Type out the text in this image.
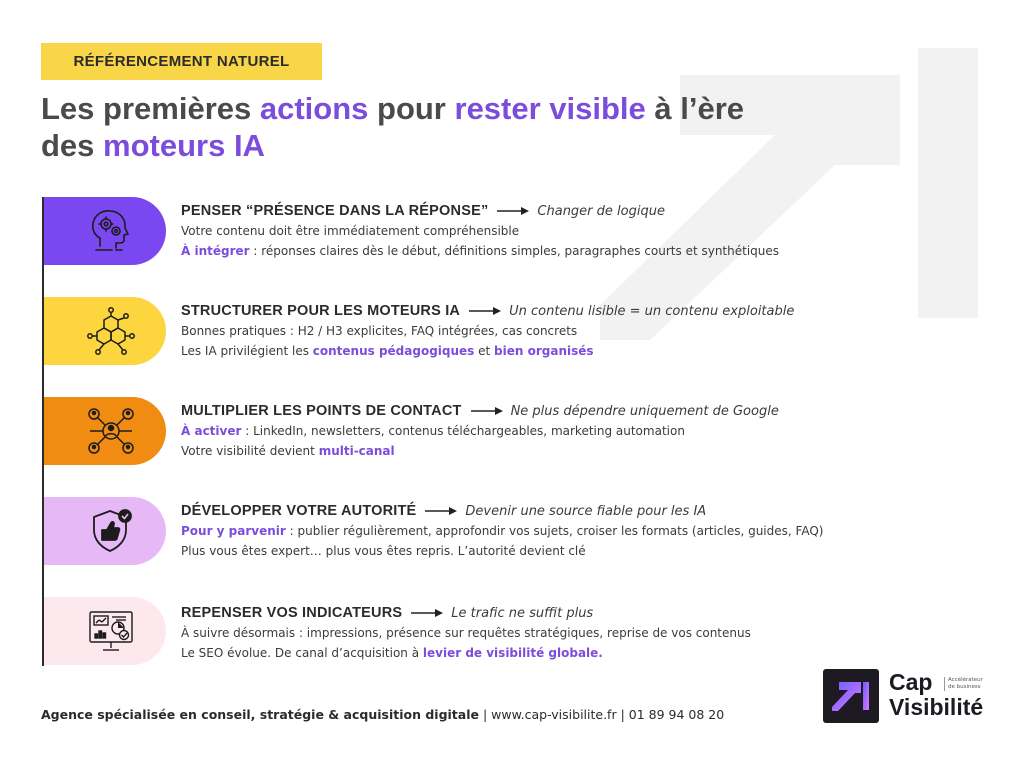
RÉFÉRENCEMENT NATUREL
Les premières actions pour rester visible à l’ère
des moteurs IA
PENSER “PRÉSENCE DANS LA RÉPONSE”	Changer de logique
Votre contenu doit être immédiatement compréhensible
À intégrer : réponses claires dès le début, définitions simples, paragraphes courts et synthétiques
STRUCTURER POUR LES MOTEURS IA	Un contenu lisible = un contenu exploitable
Bonnes pratiques : H2 / H3 explicites, FAQ intégrées, cas concrets
Les IA privilégient les contenus pédagogiques et bien organisés
MULTIPLIER LES POINTS DE CONTACT	Ne plus dépendre uniquement de Google
À activer : LinkedIn, newsletters, contenus téléchargeables, marketing automation
Votre visibilité devient multi-canal
DÉVELOPPER VOTRE AUTORITÉ	Devenir une source fiable pour les IA
Pour y parvenir : publier régulièrement, approfondir vos sujets, croiser les formats (articles, guides, FAQ)
Plus vous êtes expert… plus vous êtes repris. L’autorité devient clé
REPENSER VOS INDICATEURS	Le trafic ne suffit plus
À suivre désormais : impressions, présence sur requêtes stratégiques, reprise de vos contenus
Le SEO évolue. De canal d’acquisition à levier de visibilité globale.
Agence spécialisée en conseil, stratégie & acquisition digitale | www.cap-visibilite.fr | 01 89 94 08 20
Cap
Visibilité
Accélérateur de business
